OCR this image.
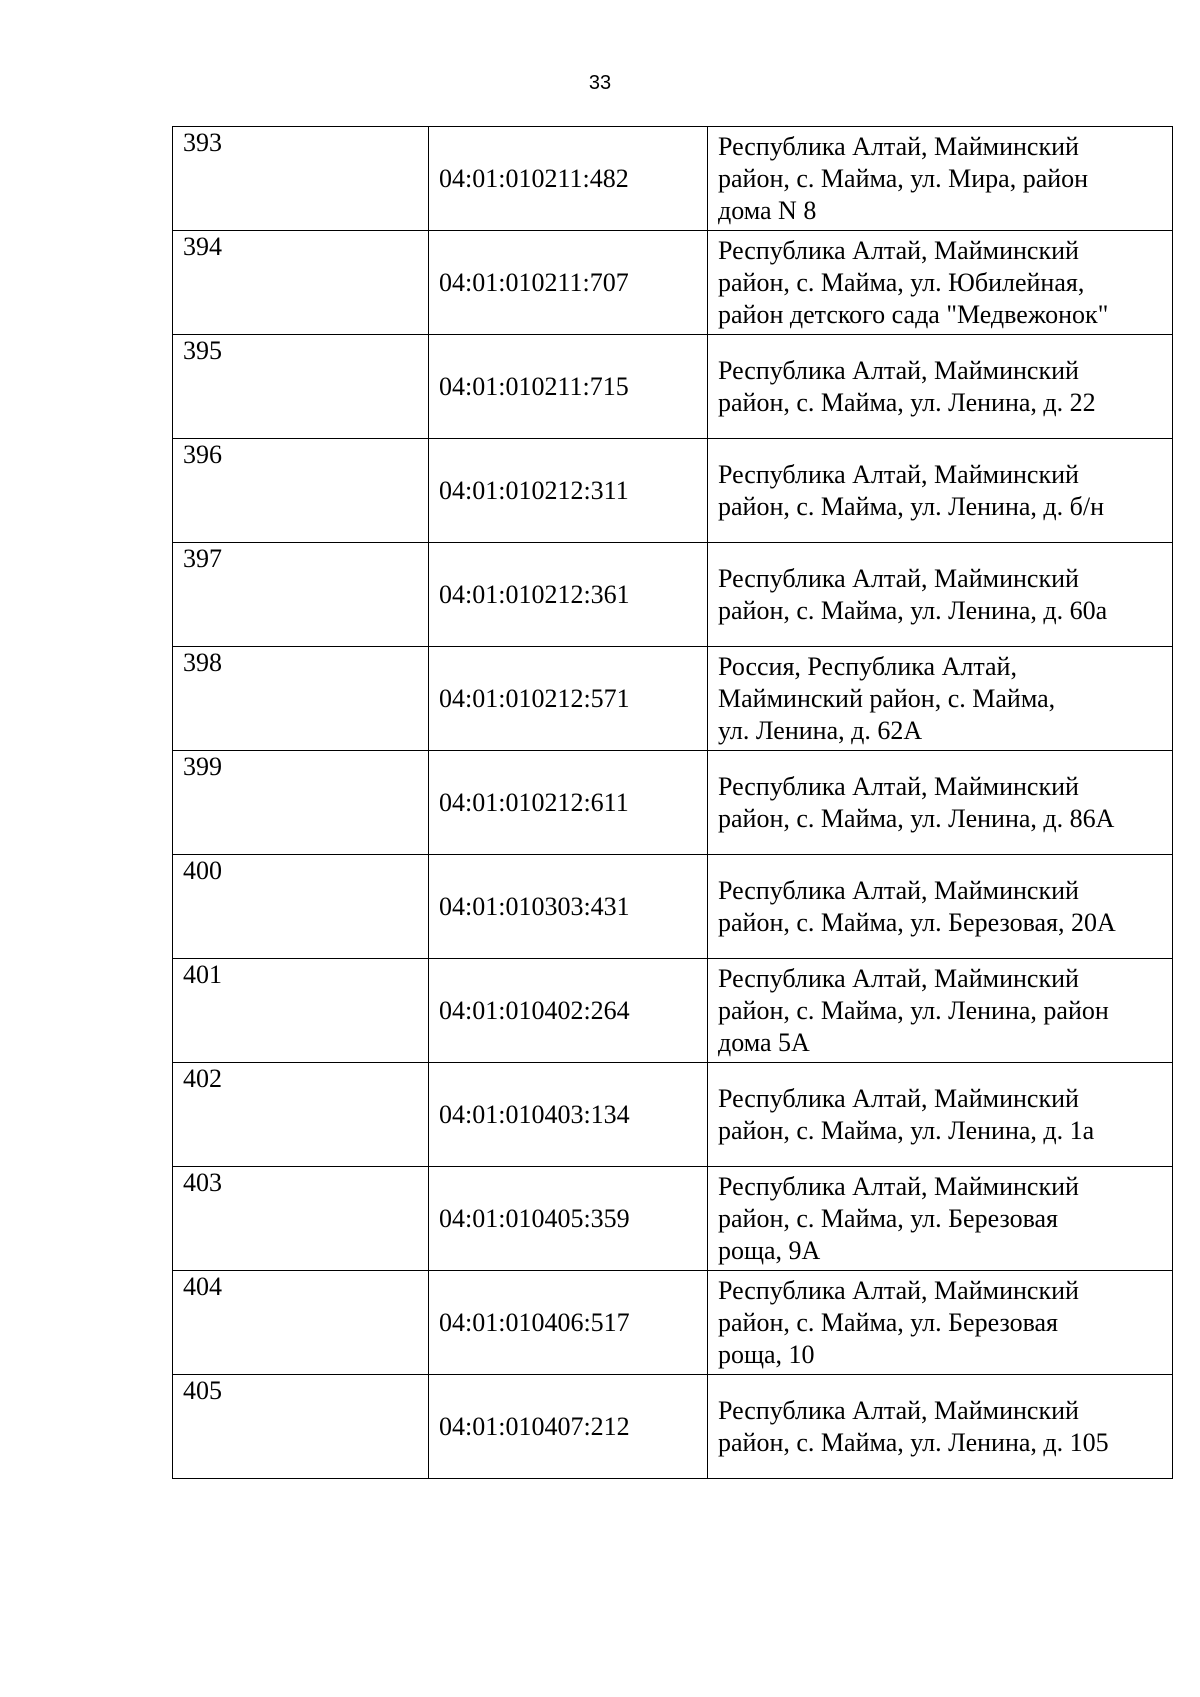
33
393	04:01:010211:482	Республика Алтай, Майминский
район, с. Майма, ул. Мира, район
дома N 8

394	04:01:010211:707	Республика Алтай, Майминский
район, с. Майма, ул. Юбилейная,
район детского сада "Медвежонок"

395	04:01:010211:715	Республика Алтай, Майминский
район, с. Майма, ул. Ленина, д. 22

396	04:01:010212:311	Республика Алтай, Майминский
район, с. Майма, ул. Ленина, д. б/н

397	04:01:010212:361	Республика Алтай, Майминский
район, с. Майма, ул. Ленина, д. 60а

398	04:01:010212:571	Россия, Республика Алтай,
Майминский район, с. Майма,
ул. Ленина, д. 62А

399	04:01:010212:611	Республика Алтай, Майминский
район, с. Майма, ул. Ленина, д. 86А

400	04:01:010303:431	Республика Алтай, Майминский
район, с. Майма, ул. Березовая, 20А

401	04:01:010402:264	Республика Алтай, Майминский
район, с. Майма, ул. Ленина, район
дома 5А

402	04:01:010403:134	Республика Алтай, Майминский
район, с. Майма, ул. Ленина, д. 1а

403	04:01:010405:359	Республика Алтай, Майминский
район, с. Майма, ул. Березовая
роща, 9А

404	04:01:010406:517	Республика Алтай, Майминский
район, с. Майма, ул. Березовая
роща, 10

405	04:01:010407:212	Республика Алтай, Майминский
район, с. Майма, ул. Ленина, д. 105
